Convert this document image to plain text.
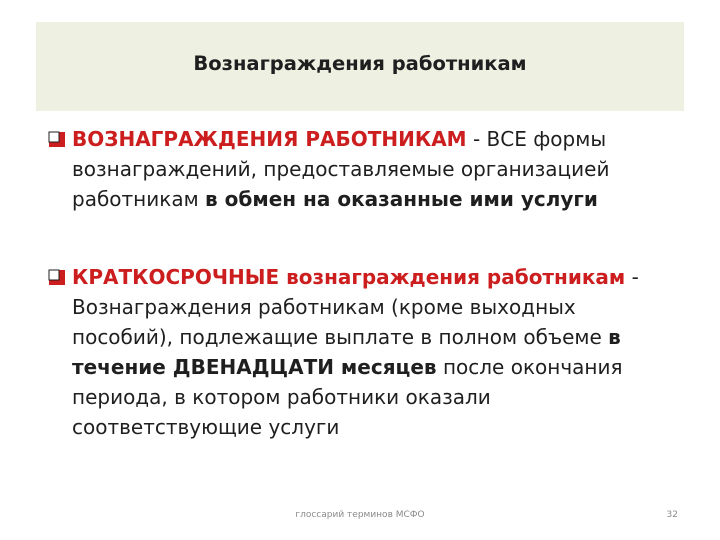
Вознаграждения работникам
ВОЗНАГРАЖДЕНИЯ РАБОТНИКАМ - ВСЕ формы
вознаграждений, предоставляемые организацией
работникам в обмен на оказанные ими услуги
КРАТКОСРОЧНЫЕ вознаграждения работникам -
Вознаграждения работникам (кроме выходных
пособий), подлежащие выплате в полном объеме в
течение ДВЕНАДЦАТИ месяцев после окончания
периода, в котором работники оказали
соответствующие услуги
глоссарий терминов МСФО	32
